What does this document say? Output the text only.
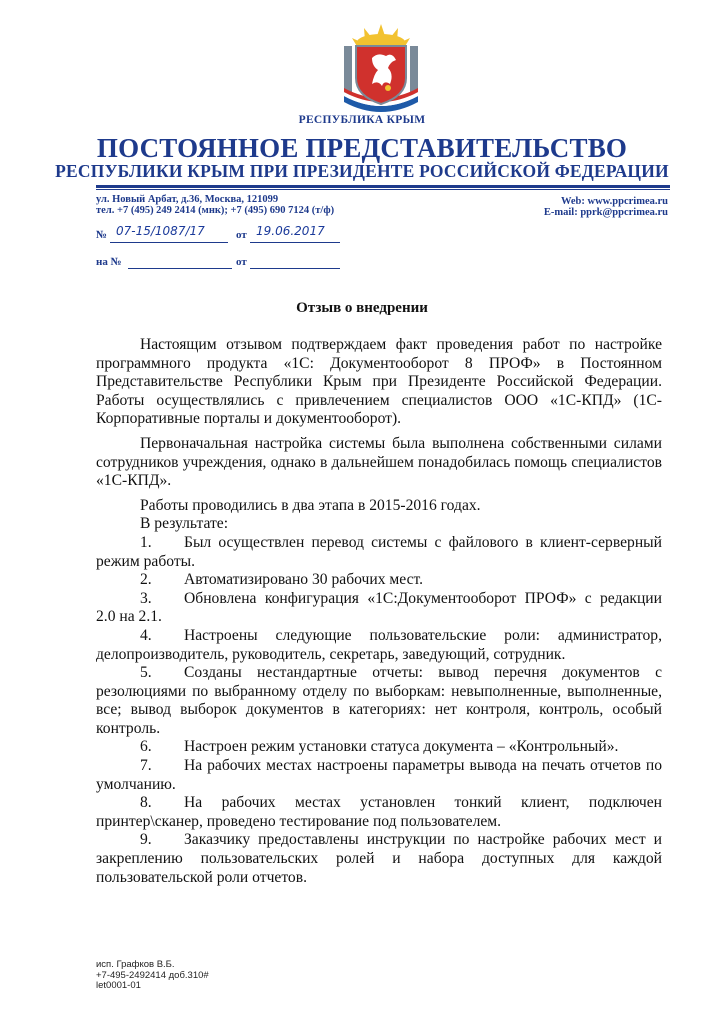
РЕСПУБЛИКА КРЫМ
ПОСТОЯННОЕ ПРЕДСТАВИТЕЛЬСТВО
РЕСПУБЛИКИ КРЫМ ПРИ ПРЕЗИДЕНТЕ РОССИЙСКОЙ ФЕДЕРАЦИИ
ул. Новый Арбат, д.36, Москва, 121099
тел. +7 (495) 249 2414 (мнк); +7 (495) 690 7124 (т/ф)
Web: www.ppcrimea.ru
E-mail: pprk@ppcrimea.ru
№ 07-15/1087/17	от 19.06.2017
на №	от
Отзыв о внедрении

Настоящим отзывом подтверждаем факт проведения работ по настройке программного продукта «1С: Документооборот 8 ПРОФ» в Постоянном Представительстве Республики Крым при Президенте Российской Федерации. Работы осуществлялись с привлечением специалистов ООО «1С-КПД» (1С-Корпоративные порталы и документооборот).

Первоначальная настройка системы была выполнена собственными силами сотрудников учреждения, однако в дальнейшем понадобилась помощь специалистов «1С-КПД».

Работы проводились в два этапа в 2015-2016 годах.

В результате:

1. Был осуществлен перевод системы с файлового в клиент-серверный режим работы.

2. Автоматизировано 30 рабочих мест.

3. Обновлена конфигурация «1С:Документооборот ПРОФ» с редакции 2.0 на 2.1.

4. Настроены следующие пользовательские роли: администратор, делопроизводитель, руководитель, секретарь, заведующий, сотрудник.

5. Созданы нестандартные отчеты: вывод перечня документов с резолюциями по выбранному отделу по выборкам: невыполненные, выполненные, все; вывод выборок документов в категориях: нет контроля, контроль, особый контроль.

6. Настроен режим установки статуса документа – «Контрольный».

7. На рабочих местах настроены параметры вывода на печать отчетов по умолчанию.

8. На рабочих местах установлен тонкий клиент, подключен принтер\сканер, проведено тестирование под пользователем.

9. Заказчику предоставлены инструкции по настройке рабочих мест и закреплению пользовательских ролей и набора доступных для каждой пользовательской роли отчетов.

исп. Графков В.Б.
+7-495-2492414 доб.310#
let0001-01
